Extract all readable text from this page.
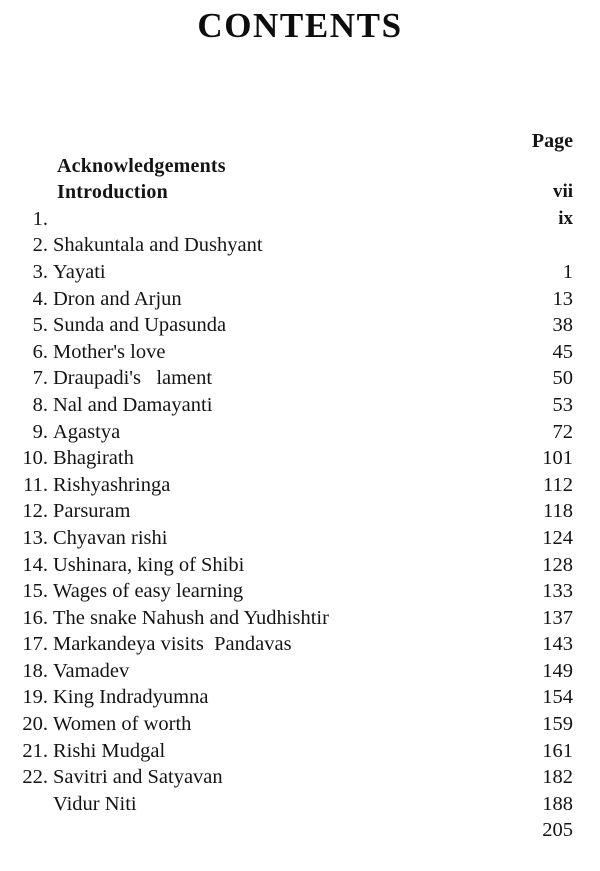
CONTENTS

Page

Acknowledgements

vii

Introduction

ix

1.

Shakuntala and Dushyant

1

2.

Yayati

13

3.

Dron and Arjun

38

4.

Sunda and Upasunda

45

5.

Mother's love

50

6.

Draupadi's   lament

53

7.

Nal and Damayanti

72

8.

Agastya

101

9.

Bhagirath

112

10.

Rishyashringa

118

11.

Parsuram

124

12.

Chyavan rishi

128

13.

Ushinara, king of Shibi

133

14.

Wages of easy learning

137

15.

The snake Nahush and Yudhishtir

143

16.

Markandeya visits  Pandavas

149

17.

Vamadev

154

18.

King Indradyumna

159

19.

Women of worth

161

20.

Rishi Mudgal

182

21.

Savitri and Satyavan

188

22.

Vidur Niti

205
